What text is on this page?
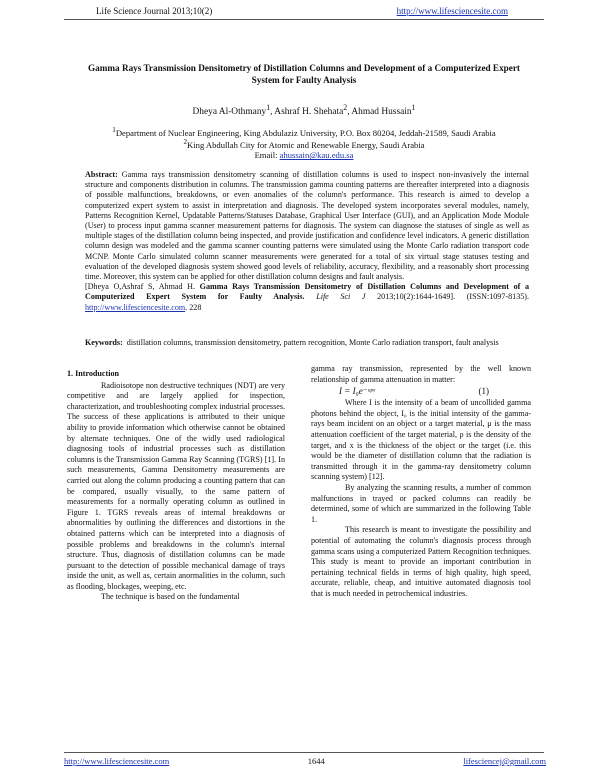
Life Science Journal 2013;10(2)	http://www.lifesciencesite.com
Gamma Rays Transmission Densitometry of Distillation Columns and Development of a Computerized Expert System for Faulty Analysis
Dheya Al-Othmany$^1$, Ashraf H. Shehata$^2$, Ahmad Hussain$^1$
$^1$Department of Nuclear Engineering, King Abdulaziz University, P.O. Box 80204, Jeddah-21589, Saudi Arabia
$^2$King Abdullah City for Atomic and Renewable Energy, Saudi Arabia
Email: ahussain@kau.edu.sa

Abstract: Gamma rays transmission densitometry scanning of distillation columns is used to inspect non-invasively the internal structure and components distribution in columns. The transmission gamma counting patterns are thereafter interpreted into a diagnosis of possible malfunctions, breakdowns, or even anomalies of the column's performance. This research is aimed to develop a computerized expert system to assist in interpretation and diagnosis. The developed system incorporates several modules, namely, Patterns Recognition Kernel, Updatable Patterns/Statuses Database, Graphical User Interface (GUI), and an Application Mode Module (User) to process input gamma scanner measurement patterns for diagnosis. The system can diagnose the statuses of single as well as multiple stages of the distillation column being inspected, and provide justification and confidence level indicators. A generic distillation column design was modeled and the gamma scanner counting patterns were simulated using the Monte Carlo radiation transport code MCNP. Monte Carlo simulated column scanner measurements were generated for a total of six virtual stage statuses testing and evaluation of the developed diagnosis system showed good levels of reliability, accuracy, flexibility, and a reasonably short processing time. Moreover, this system can be applied for other distillation column designs and fault analysis.

[Dheya O,Ashraf S, Ahmad H. Gamma Rays Transmission Densitometry of Distillation Columns and Development of a Computerized Expert System for Faulty Analysis. Life Sci J 2013;10(2):1644-1649]. (ISSN:1097-8135). http://www.lifesciencesite.com. 228

Keywords: distillation columns, transmission densitometry, pattern recognition, Monte Carlo radiation transport, fault analysis

1. Introduction

Radioisotope non destructive techniques (NDT) are very competitive and are largely applied for inspection, characterization, and troubleshooting complex industrial processes. The success of these applications is attributed to their unique ability to provide information which otherwise cannot be obtained by alternate techniques. One of the widly used radiological diagnosing tools of industrial processes such as distillation columns is the Transmission Gamma Ray Scanning (TGRS) [1]. In such measurements, Gamma Densitometry measurements are carried out along the column producing a counting pattern that can be compared, usually visually, to the same pattern of measurements for a normally operating column as outlined in Figure 1. TGRS reveals areas of internal breakdowns or abnormalities by outlining the differences and distortions in the obtained patterns which can be interpreted into a diagnosis of possible problems and breakdowns in the column's internal structure. Thus, diagnosis of distillation columns can be made pursuant to the detection of possible mechanical damage of trays inside the unit, as well as, certain anormalities in the column, such as flooding, blockages, weeping, etc.

The technique is based on the fundamental

gamma ray transmission, represented by the well known relationship of gamma attenuation in matter:

I = I₀e⁻ᵘᵖˣ	(1)

Where I is the intensity of a beam of uncollided gamma photons behind the object, I₀ is the initial intensity of the gamma-rays beam incident on an object or a target material, μ is the mass attenuation coefficient of the target material, ρ is the density of the target, and x is the thickness of the object or the target (i.e. this would be the diameter of distillation column that the radiation is transmitted through it in the gamma-ray densitometry column scanning system) [12].

By analyzing the scanning results, a number of common malfunctions in trayed or packed columns can readily be determined, some of which are summarized in the following Table 1.

This research is meant to investigate the possibility and potential of automating the column's diagnosis process through gamma scans using a computerized Pattern Recognition techniques. This study is meant to provide an important contribution in pertaining technical fields in terms of high quality, high speed, accurate, reliable, cheap, and intuitive automated diagnosis tool that is much needed in petrochemical industries.

http://www.lifesciencesite.com	1644	lifesciencej@gmail.com
